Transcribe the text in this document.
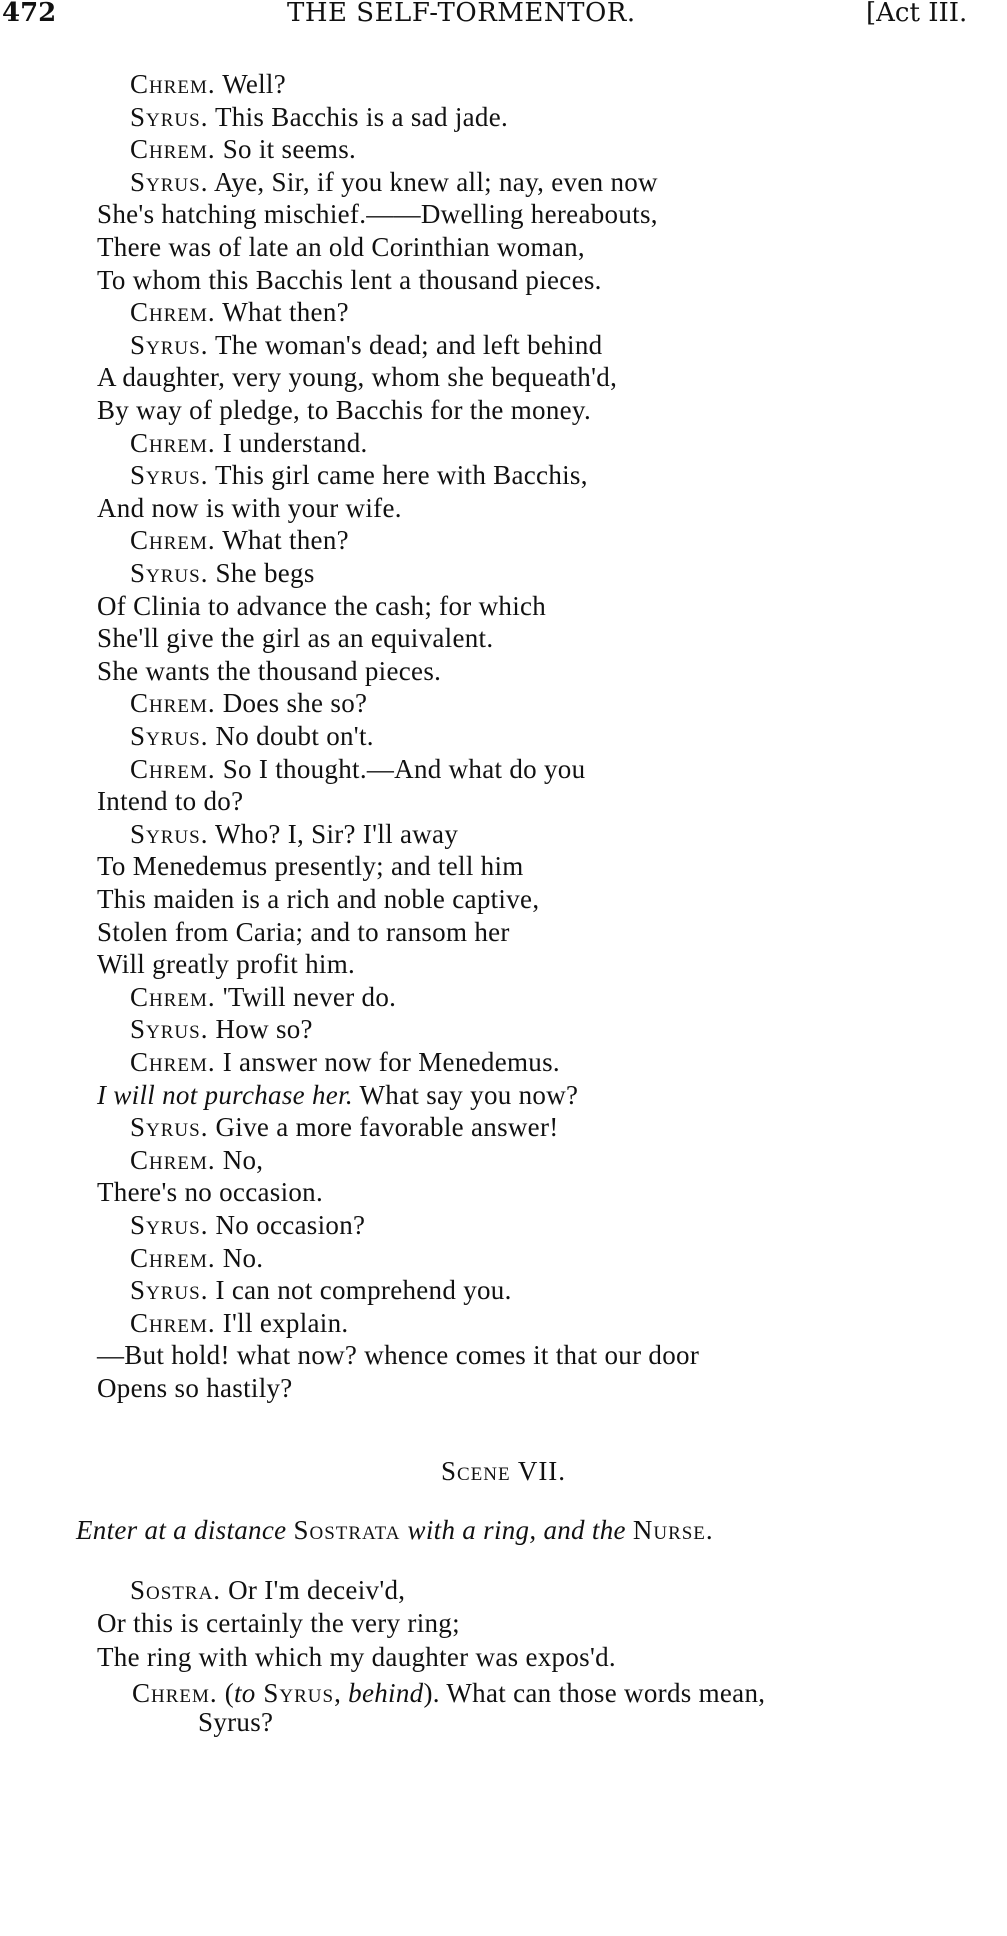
472	THE SELF-TORMENTOR.	[Act III.
Chrem. Well?
Syrus. This Bacchis is a sad jade.
Chrem. So it seems.
Syrus. Aye, Sir, if you knew all; nay, even now
She's hatching mischief.——Dwelling hereabouts,
There was of late an old Corinthian woman,
To whom this Bacchis lent a thousand pieces.
Chrem. What then?
Syrus. The woman's dead; and left behind
A daughter, very young, whom she bequeath'd,
By way of pledge, to Bacchis for the money.
Chrem. I understand.
Syrus. This girl came here with Bacchis,
And now is with your wife.
Chrem. What then?
Syrus. She begs
Of Clinia to advance the cash; for which
She'll give the girl as an equivalent.
She wants the thousand pieces.
Chrem. Does she so?
Syrus. No doubt on't.
Chrem. So I thought.—And what do you
Intend to do?
Syrus. Who? I, Sir? I'll away
To Menedemus presently; and tell him
This maiden is a rich and noble captive,
Stolen from Caria; and to ransom her
Will greatly profit him.
Chrem. 'Twill never do.
Syrus. How so?
Chrem. I answer now for Menedemus.
I will not purchase her. What say you now?
Syrus. Give a more favorable answer!
Chrem. No,
There's no occasion.
Syrus. No occasion?
Chrem. No.
Syrus. I can not comprehend you.
Chrem. I'll explain.
—But hold! what now? whence comes it that our door
Opens so hastily?
Scene VII.
Enter at a distance Sostrata with a ring, and the Nurse.
Sostra. Or I'm deceiv'd,
Or this is certainly the very ring;
The ring with which my daughter was expos'd.
Chrem. (to Syrus, behind). What can those words mean,
Syrus?
